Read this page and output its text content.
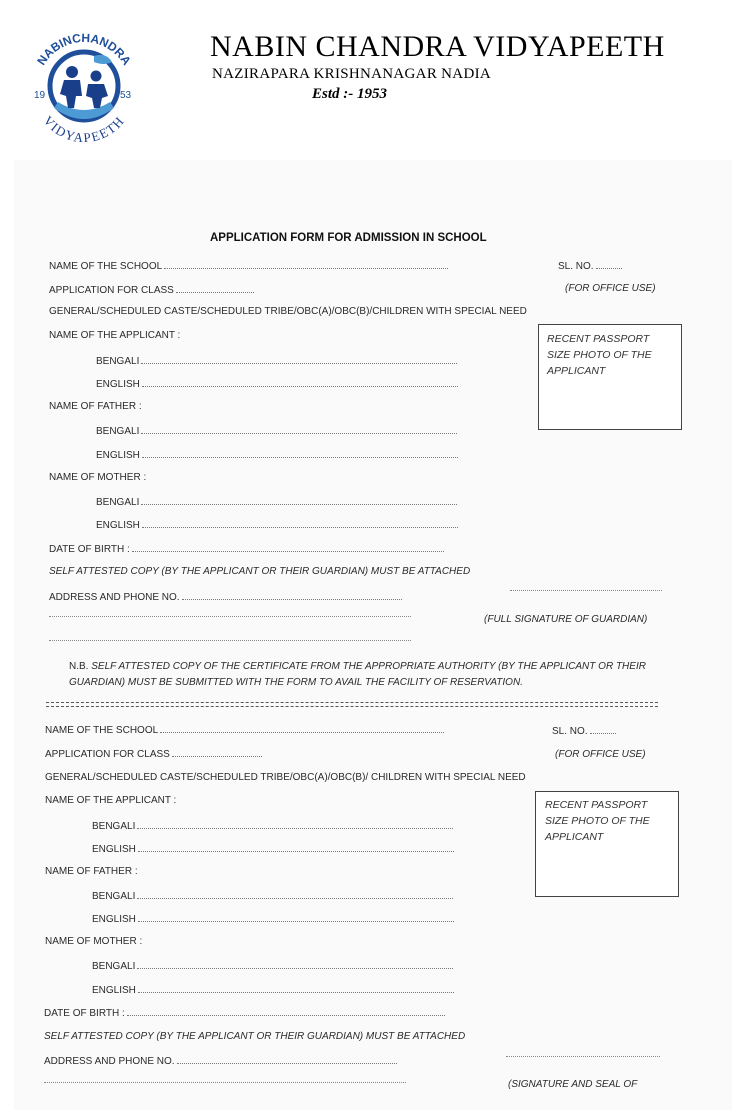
NABINCHANDRA
VIDYAPEETH
19	53
NABIN CHANDRA VIDYAPEETH
NAZIRAPARA KRISHNANAGAR NADIA
Estd :- 1953
APPLICATION FORM FOR ADMISSION IN SCHOOL
NAME OF THE SCHOOL	SL. NO.
APPLICATION FOR CLASS	(FOR OFFICE USE)
GENERAL/SCHEDULED CASTE/SCHEDULED TRIBE/OBC(A)/OBC(B)/CHILDREN WITH SPECIAL NEED
NAME OF THE APPLICANT :
BENGALI
ENGLISH
RECENT PASSPORT SIZE PHOTO OF THE APPLICANT
NAME OF FATHER :
BENGALI
ENGLISH
NAME OF MOTHER :
BENGALI
ENGLISH
DATE OF BIRTH :
SELF ATTESTED COPY (BY THE APPLICANT OR THEIR GUARDIAN) MUST BE ATTACHED
ADDRESS AND PHONE NO.
(FULL SIGNATURE OF GUARDIAN)
N.B. SELF ATTESTED COPY OF THE CERTIFICATE FROM THE APPROPRIATE AUTHORITY (BY THE APPLICANT OR THEIR GUARDIAN) MUST BE SUBMITTED WITH THE FORM TO AVAIL THE FACILITY OF RESERVATION.
NAME OF THE SCHOOL	SL. NO.
APPLICATION FOR CLASS	(FOR OFFICE USE)
GENERAL/SCHEDULED CASTE/SCHEDULED TRIBE/OBC(A)/OBC(B)/ CHILDREN WITH SPECIAL NEED
NAME OF THE APPLICANT :
BENGALI
ENGLISH
RECENT PASSPORT SIZE PHOTO OF THE APPLICANT
NAME OF FATHER :
BENGALI
ENGLISH
NAME OF MOTHER :
BENGALI
ENGLISH
DATE OF BIRTH :
SELF ATTESTED COPY (BY THE APPLICANT OR THEIR GUARDIAN) MUST BE ATTACHED
ADDRESS AND PHONE NO.
(SIGNATURE AND SEAL OF
